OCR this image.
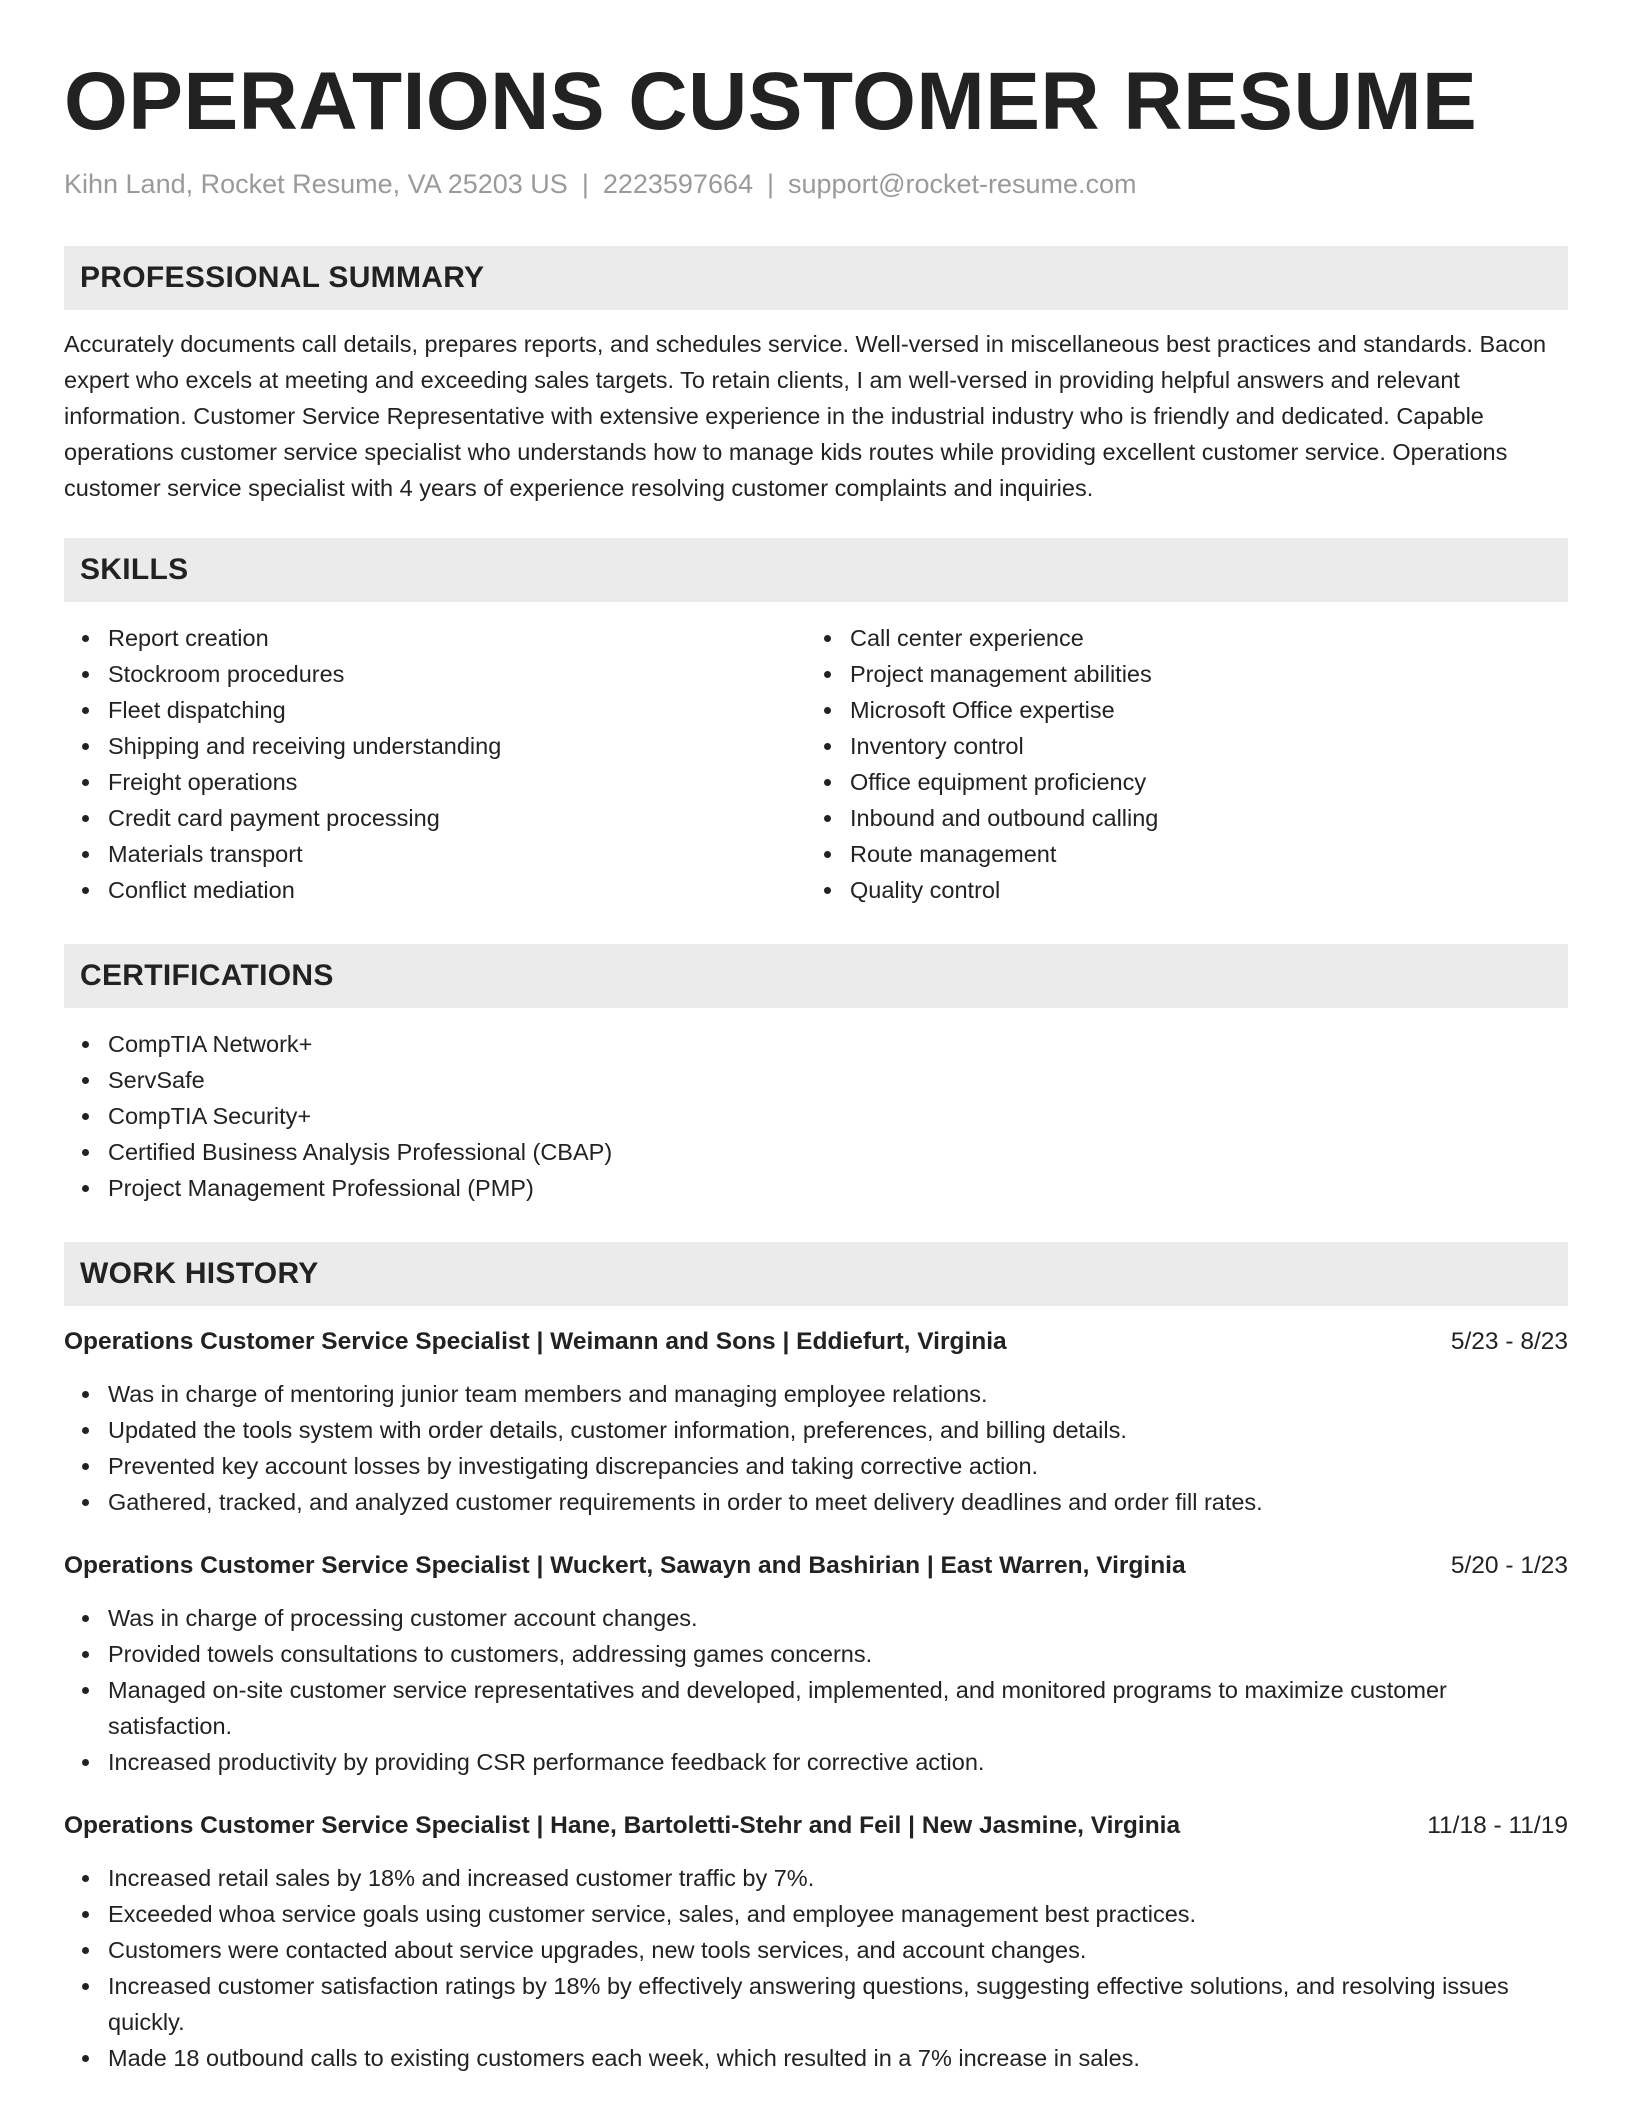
OPERATIONS CUSTOMER RESUME
Kihn Land, Rocket Resume, VA 25203 US | 2223597664 | support@rocket-resume.com
PROFESSIONAL SUMMARY

Accurately documents call details, prepares reports, and schedules service. Well-versed in miscellaneous best practices and standards. Bacon expert who excels at meeting and exceeding sales targets. To retain clients, I am well-versed in providing helpful answers and relevant information. Customer Service Representative with extensive experience in the industrial industry who is friendly and dedicated. Capable operations customer service specialist who understands how to manage kids routes while providing excellent customer service. Operations customer service specialist with 4 years of experience resolving customer complaints and inquiries.

SKILLS
Report creation
Stockroom procedures
Fleet dispatching
Shipping and receiving understanding
Freight operations
Credit card payment processing
Materials transport
Conflict mediation
Call center experience
Project management abilities
Microsoft Office expertise
Inventory control
Office equipment proficiency
Inbound and outbound calling
Route management
Quality control
CERTIFICATIONS
CompTIA Network+
ServSafe
CompTIA Security+
Certified Business Analysis Professional (CBAP)
Project Management Professional (PMP)
WORK HISTORY
Operations Customer Service Specialist | Weimann and Sons | Eddiefurt, Virginia	5/23 - 8/23
Was in charge of mentoring junior team members and managing employee relations.
Updated the tools system with order details, customer information, preferences, and billing details.
Prevented key account losses by investigating discrepancies and taking corrective action.
Gathered, tracked, and analyzed customer requirements in order to meet delivery deadlines and order fill rates.
Operations Customer Service Specialist | Wuckert, Sawayn and Bashirian | East Warren, Virginia	5/20 - 1/23
Was in charge of processing customer account changes.
Provided towels consultations to customers, addressing games concerns.
Managed on-site customer service representatives and developed, implemented, and monitored programs to maximize customer satisfaction.
Increased productivity by providing CSR performance feedback for corrective action.
Operations Customer Service Specialist | Hane, Bartoletti-Stehr and Feil | New Jasmine, Virginia	11/18 - 11/19
Increased retail sales by 18% and increased customer traffic by 7%.
Exceeded whoa service goals using customer service, sales, and employee management best practices.
Customers were contacted about service upgrades, new tools services, and account changes.
Increased customer satisfaction ratings by 18% by effectively answering questions, suggesting effective solutions, and resolving issues quickly.
Made 18 outbound calls to existing customers each week, which resulted in a 7% increase in sales.
